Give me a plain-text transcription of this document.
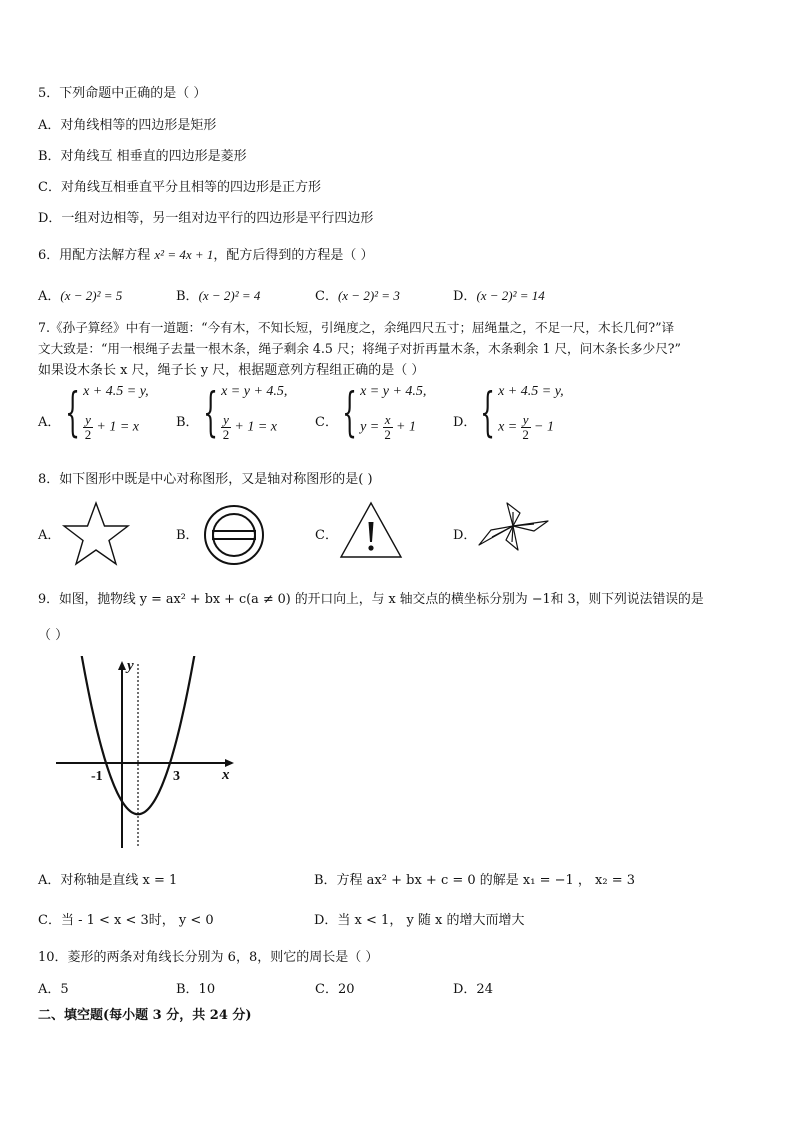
5．下列命题中正确的是（ ）
A．对角线相等的四边形是矩形
B．对角线互 相垂直的四边形是菱形
C．对角线互相垂直平分且相等的四边形是正方形
D．一组对边相等，另一组对边平行的四边形是平行四边形
6．用配方法解方程 x² = 4x + 1，配方后得到的方程是（ ）
A．(x − 2)² = 5	B．(x − 2)² = 4	C．(x − 2)² = 3	D．(x − 2)² = 14
7.《孙子算经》中有一道题：“今有木，不知长短，引绳度之，余绳四尺五寸；屈绳量之，不足一尺，木长几何?”译
文大致是：“用一根绳子去量一根木条，绳子剩余 4.5 尺；将绳子对折再量木条，木条剩余 1 尺，问木条长多少尺?”
如果设木条长 x 尺，绳子长 y 尺，根据题意列方程组正确的是（ ）
A． { x + 4.5 = y,
$\frac{y}{2} + 1 = x$	B． { x = y + 4.5,
$\frac{y}{2} + 1 = x$	C． { x = y + 4.5,
$y = \frac{x}{2} + 1$	D． { x + 4.5 = y,
$x = \frac{y}{2} - 1$
8．如下图形中既是中心对称图形，又是轴对称图形的是( )
A．	B．	C．	D．
9．如图，抛物线 y = ax² + bx + c(a ≠ 0) 的开口向上，与 x 轴交点的横坐标分别为 −1和 3，则下列说法错误的是
（ ）
y
x
-1	3
A．对称轴是直线 x = 1	B．方程 ax² + bx + c = 0 的解是 x₁ = −1 ， x₂ = 3
C．当 - 1 < x < 3时， y < 0	D．当 x < 1， y 随 x 的增大而增大
10．菱形的两条对角线长分别为 6，8，则它的周长是（ ）
A．5	B．10	C．20	D．24
二、填空题(每小题 3 分，共 24 分)
